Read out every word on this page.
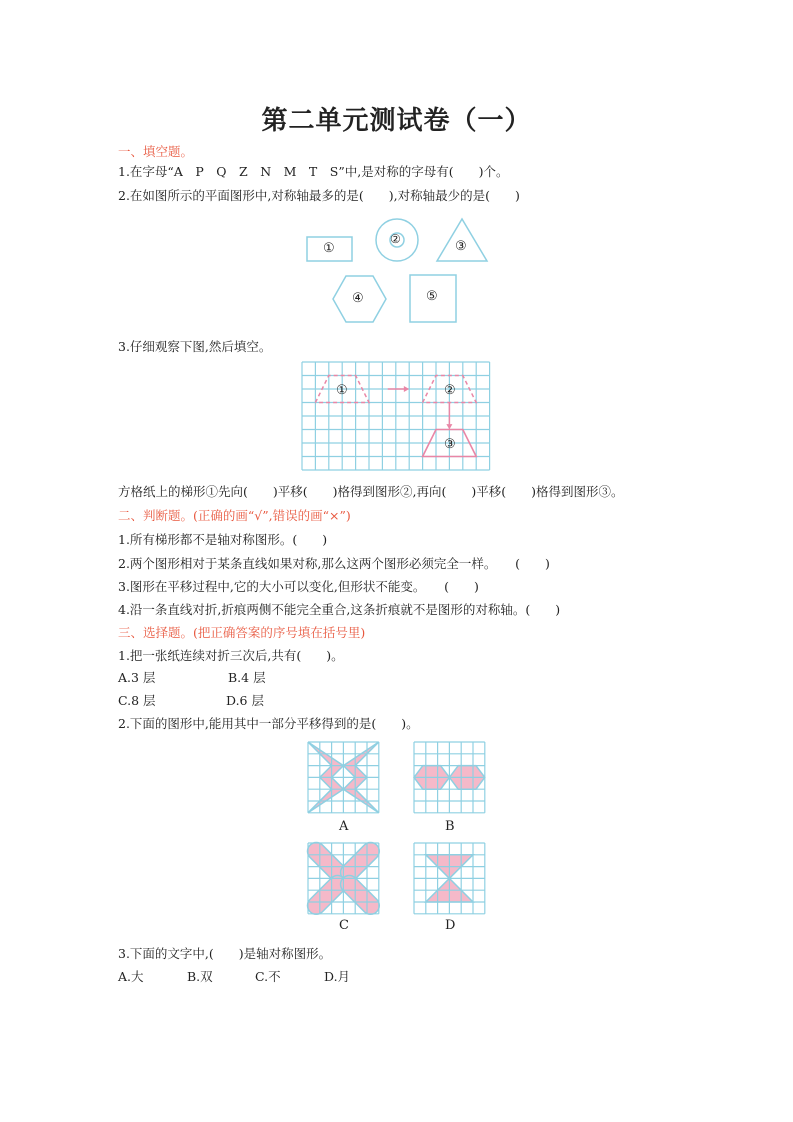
第二单元测试卷（一）
一、填空题。
1.在字母“A　P　Q　Z　N　M　T　S”中,是对称的字母有(　　)个。
2.在如图所示的平面图形中,对称轴最多的是(　　),对称轴最少的是(　　)
①
②	③
④	⑤
3.仔细观察下图,然后填空。
①	②
③
方格纸上的梯形①先向(　　)平移(　　)格得到图形②,再向(　　)平移(　　)格得到图形③。
二、判断题。(正确的画“√”,错误的画“×”)
1.所有梯形都不是轴对称图形。(　　)
2.两个图形相对于某条直线如果对称,那么这两个图形必须完全一样。　　(　　)
3.图形在平移过程中,它的大小可以变化,但形状不能变。　　(　　)
4.沿一条直线对折,折痕两侧不能完全重合,这条折痕就不是图形的对称轴。(　　)
三、选择题。(把正确答案的序号填在括号里)
1.把一张纸连续对折三次后,共有(　　)。
A.3 层	B.4 层
C.8 层	D.6 层
2.下面的图形中,能用其中一部分平移得到的是(　　)。
A	B
C	D
3.下面的文字中,(　　)是轴对称图形。
A.大	B.双	C.不	D.月
